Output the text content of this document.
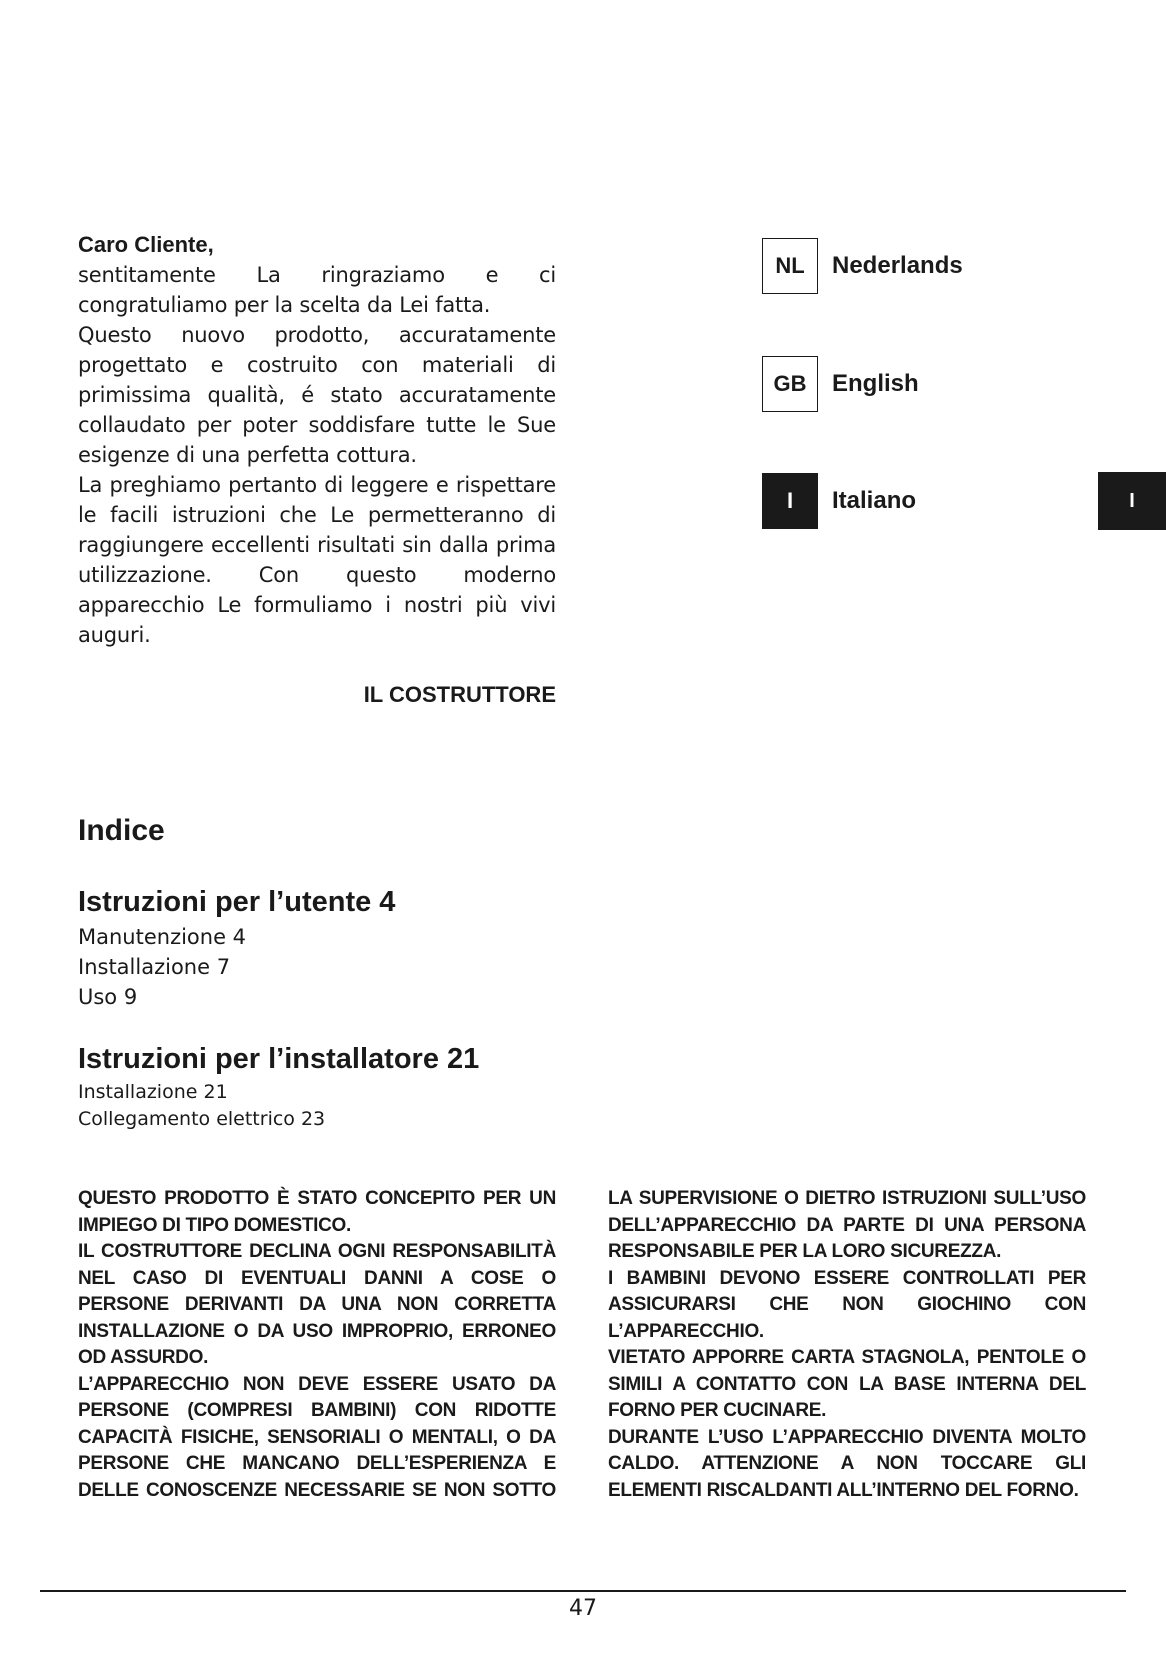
Caro Cliente,

sentitamente La ringraziamo e ci congratuliamo per la scelta da Lei fatta.

Questo nuovo prodotto, accuratamente progettato e costruito con materiali di primissima qualità, é stato accuratamente collaudato per poter soddisfare tutte le Sue esigenze di una perfetta cottura.

La preghiamo pertanto di leggere e rispettare le facili istruzioni che Le permetteranno di raggiungere eccellenti risultati sin dalla prima utilizzazione. Con questo moderno apparecchio Le formuliamo i nostri più vivi auguri.

IL COSTRUTTORE
NL	Nederlands
GB	English
I	Italiano	I
Indice
Istruzioni per l’utente 4
Manutenzione 4
Installazione 7
Uso 9
Istruzioni per l’installatore 21
Installazione 21
Collegamento elettrico 23

QUESTO PRODOTTO È STATO CONCEPITO PER UN IMPIEGO DI TIPO DOMESTICO.

IL COSTRUTTORE DECLINA OGNI RESPONSABILITÀ NEL CASO DI EVENTUALI DANNI A COSE O PERSONE DERIVANTI DA UNA NON CORRETTA INSTALLAZIONE O DA USO IMPROPRIO, ERRONEO OD ASSURDO.

L’APPARECCHIO NON DEVE ESSERE USATO DA PERSONE (COMPRESI BAMBINI) CON RIDOTTE CAPACITÀ FISICHE, SENSORIALI O MENTALI, O DA PERSONE CHE MANCANO DELL’ESPERIENZA E DELLE CONOSCENZE NECESSARIE SE NON SOTTO

LA SUPERVISIONE O DIETRO ISTRUZIONI SULL’USO DELL’APPARECCHIO DA PARTE DI UNA PERSONA RESPONSABILE PER LA LORO SICUREZZA.

I BAMBINI DEVONO ESSERE CONTROLLATI PER ASSICURARSI CHE NON GIOCHINO CON L’APPARECCHIO.

VIETATO APPORRE CARTA STAGNOLA, PENTOLE O SIMILI A CONTATTO CON LA BASE INTERNA DEL FORNO PER CUCINARE.

DURANTE L’USO L’APPARECCHIO DIVENTA MOLTO CALDO. ATTENZIONE A NON TOCCARE GLI ELEMENTI RISCALDANTI ALL’INTERNO DEL FORNO.

47
